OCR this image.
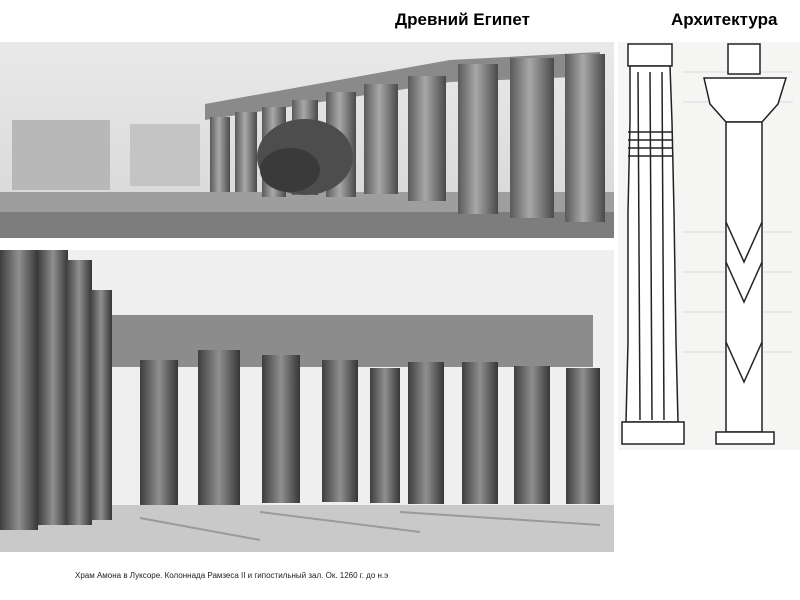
Древний Египет	Архитектура
Храм Амона в Луксоре. Колоннада Рамзеса II и гипостильный зал. Ок. 1260 г. до н.э
